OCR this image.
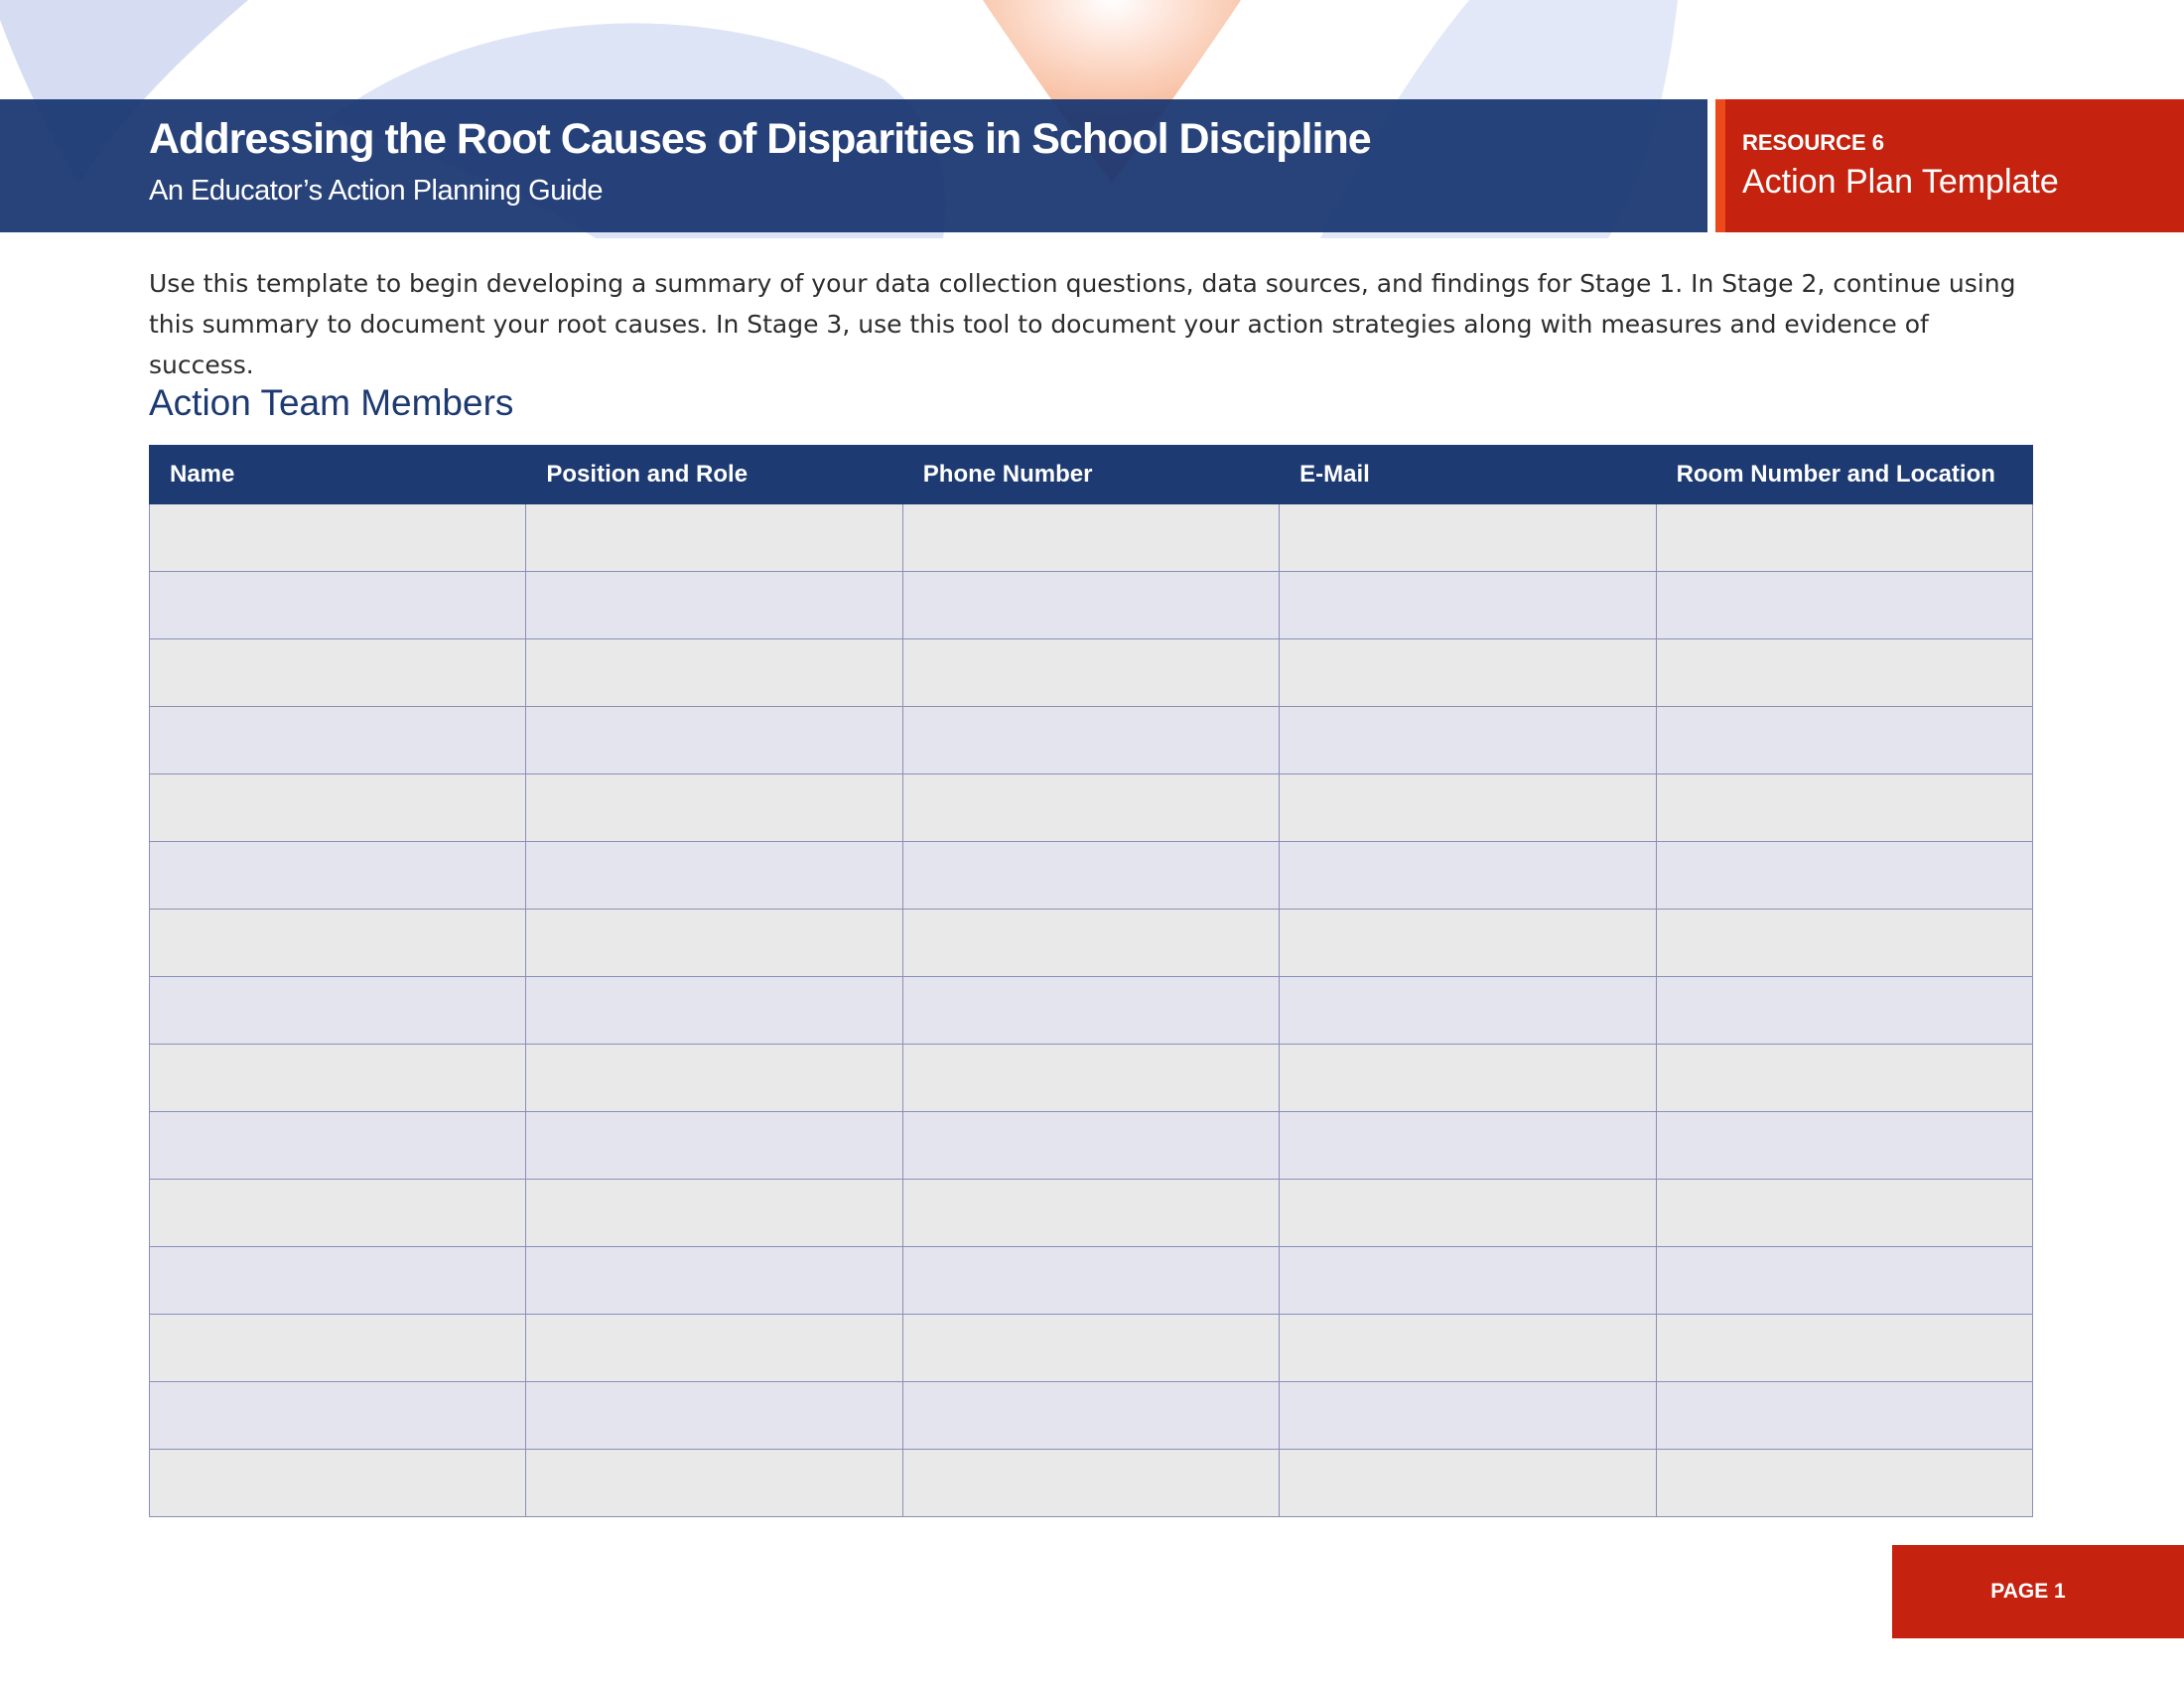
Addressing the Root Causes of Disparities in School Discipline
An Educator’s Action Planning Guide
RESOURCE 6
Action Plan Template

Use this template to begin developing a summary of your data collection questions, data sources, and findings for Stage 1. In Stage 2, continue using this summary to document your root causes. In Stage 3, use this tool to document your action strategies along with measures and evidence of success.

Action Team Members
Name	Position and Role	Phone Number	E-Mail	Room Number and Location

PAGE 1
